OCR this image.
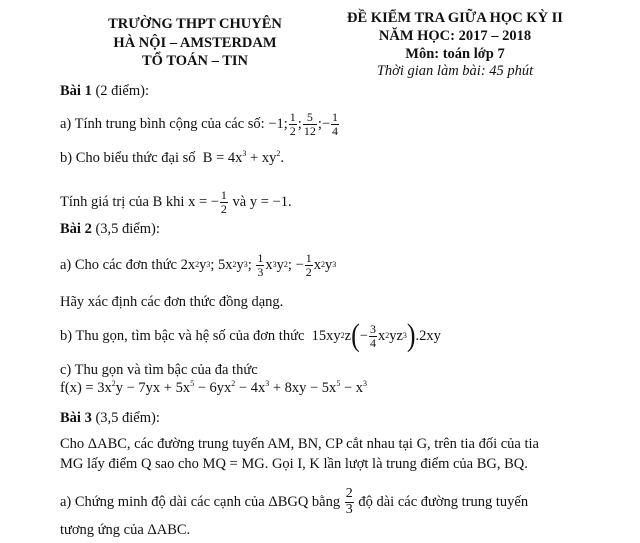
TRƯỜNG THPT CHUYÊN
HÀ NỘI – AMSTERDAM
TỔ TOÁN – TIN
ĐỀ KIỂM TRA GIỮA HỌC KỲ II
NĂM HỌC: 2017 – 2018
Môn: toán lớp 7
Thời gian làm bài: 45 phút
Bài 1 (2 điểm):
a) Tính trung bình cộng của các số:
−1; $\frac{1}{2}$ ; $\frac{5}{12}$ ;− $\frac{1}{4}$
b) Cho biểu thức đại số $B = 4x^3 + xy^2$.
Tính giá trị của B khi
x = − $\frac{1}{2}$
và
y = −1.
Bài 2 (3,5 điểm):
a) Cho các đơn thức
2x 2 y 3 ;
5x 2 y 3 ;
$\frac{1}{3}$ x 3 y 2 ;
− $\frac{1}{2}$ x 2 y 3
Hãy xác định các đơn thức đồng dạng.
b) Thu gọn, tìm bậc và hệ số của đơn thức
15xy 2 z ( − $\frac{3}{4}$ x 2 yz 3 ) .2xy
c) Thu gọn và tìm bậc của đa thức
$f(x) = 3x^2y - 7yx + 5x^5 - 6yx^2 - 4x^3 + 8xy - 5x^5 - x^3$
Bài 3 (3,5 điểm):
Cho ΔABC, các đường trung tuyến AM, BN, CP cắt nhau tại G, trên tia đối của tia
MG lấy điểm Q sao cho MQ = MG. Gọi I, K lần lượt là trung điểm của BG, BQ.
a) Chứng minh độ dài các cạnh của ΔBGQ bằng
$\frac{2}{3}$
độ dài các đường trung tuyến
tương ứng của ΔABC.
